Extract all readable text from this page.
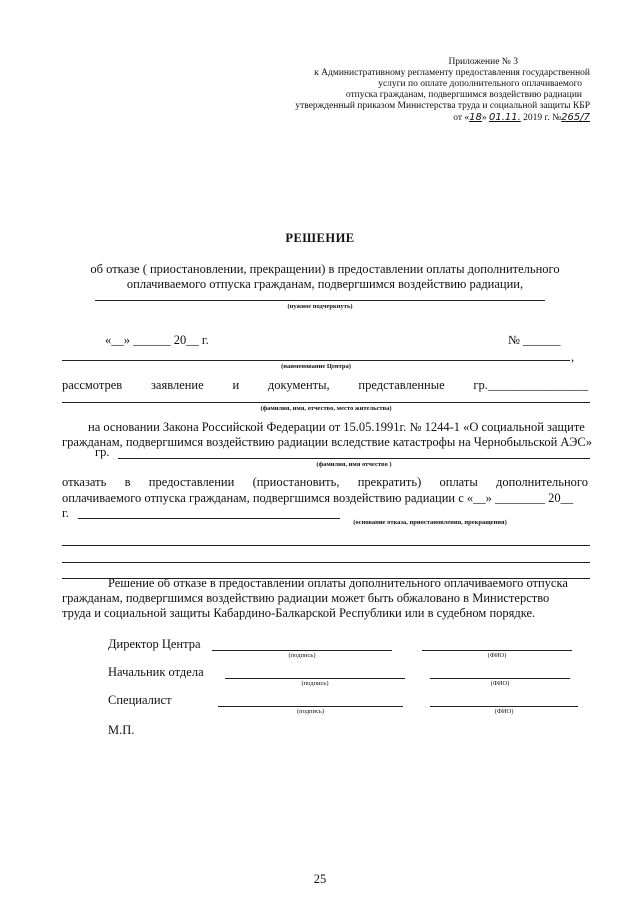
Приложение № 3
к Административному регламенту предоставления государственной
услуги по оплате дополнительного оплачиваемого
отпуска гражданам, подвергшимся воздействию радиации
утвержденный приказом Министерства труда и социальной защиты КБР
от «18» 01.11. 2019 г. №265/7
РЕШЕНИЕ
об отказе ( приостановлении, прекращении) в предоставлении оплаты дополнительного
оплачиваемого отпуска гражданам, подвергшимся воздействию радиации,
(нужное подчеркнуть)
«__» ______ 20__ г.	№ ______
,
(наименование Центра)
рассмотрев заявление и документы, представленные гр.________________
(фамилия, имя, отчество, место жительства)
на основании Закона Российской Федерации от 15.05.1991г. № 1244-1 «О социальной защите
гражданам, подвергшимся воздействию радиации вследствие катастрофы на Чернобыльской АЭС»
гр.
(фамилия, имя отчество )
отказать в предоставлении (приостановить, прекратить) оплаты дополнительного
оплачиваемого отпуска гражданам, подвергшимся воздействию радиации с «__» ________ 20__
г.
(основание отказа, приостановления, прекращения)
Решение об отказе в предоставлении оплаты дополнительного оплачиваемого отпуска
гражданам, подвергшимся воздействию радиации может быть обжаловано в Министерство
труда и социальной защиты Кабардино-Балкарской Республики или в судебном порядке.
Директор Центра
(подпись)	(ФИО)
Начальник отдела
(подпись)	(ФИО)
Специалист
(подпись)	(ФИО)
М.П.
25
